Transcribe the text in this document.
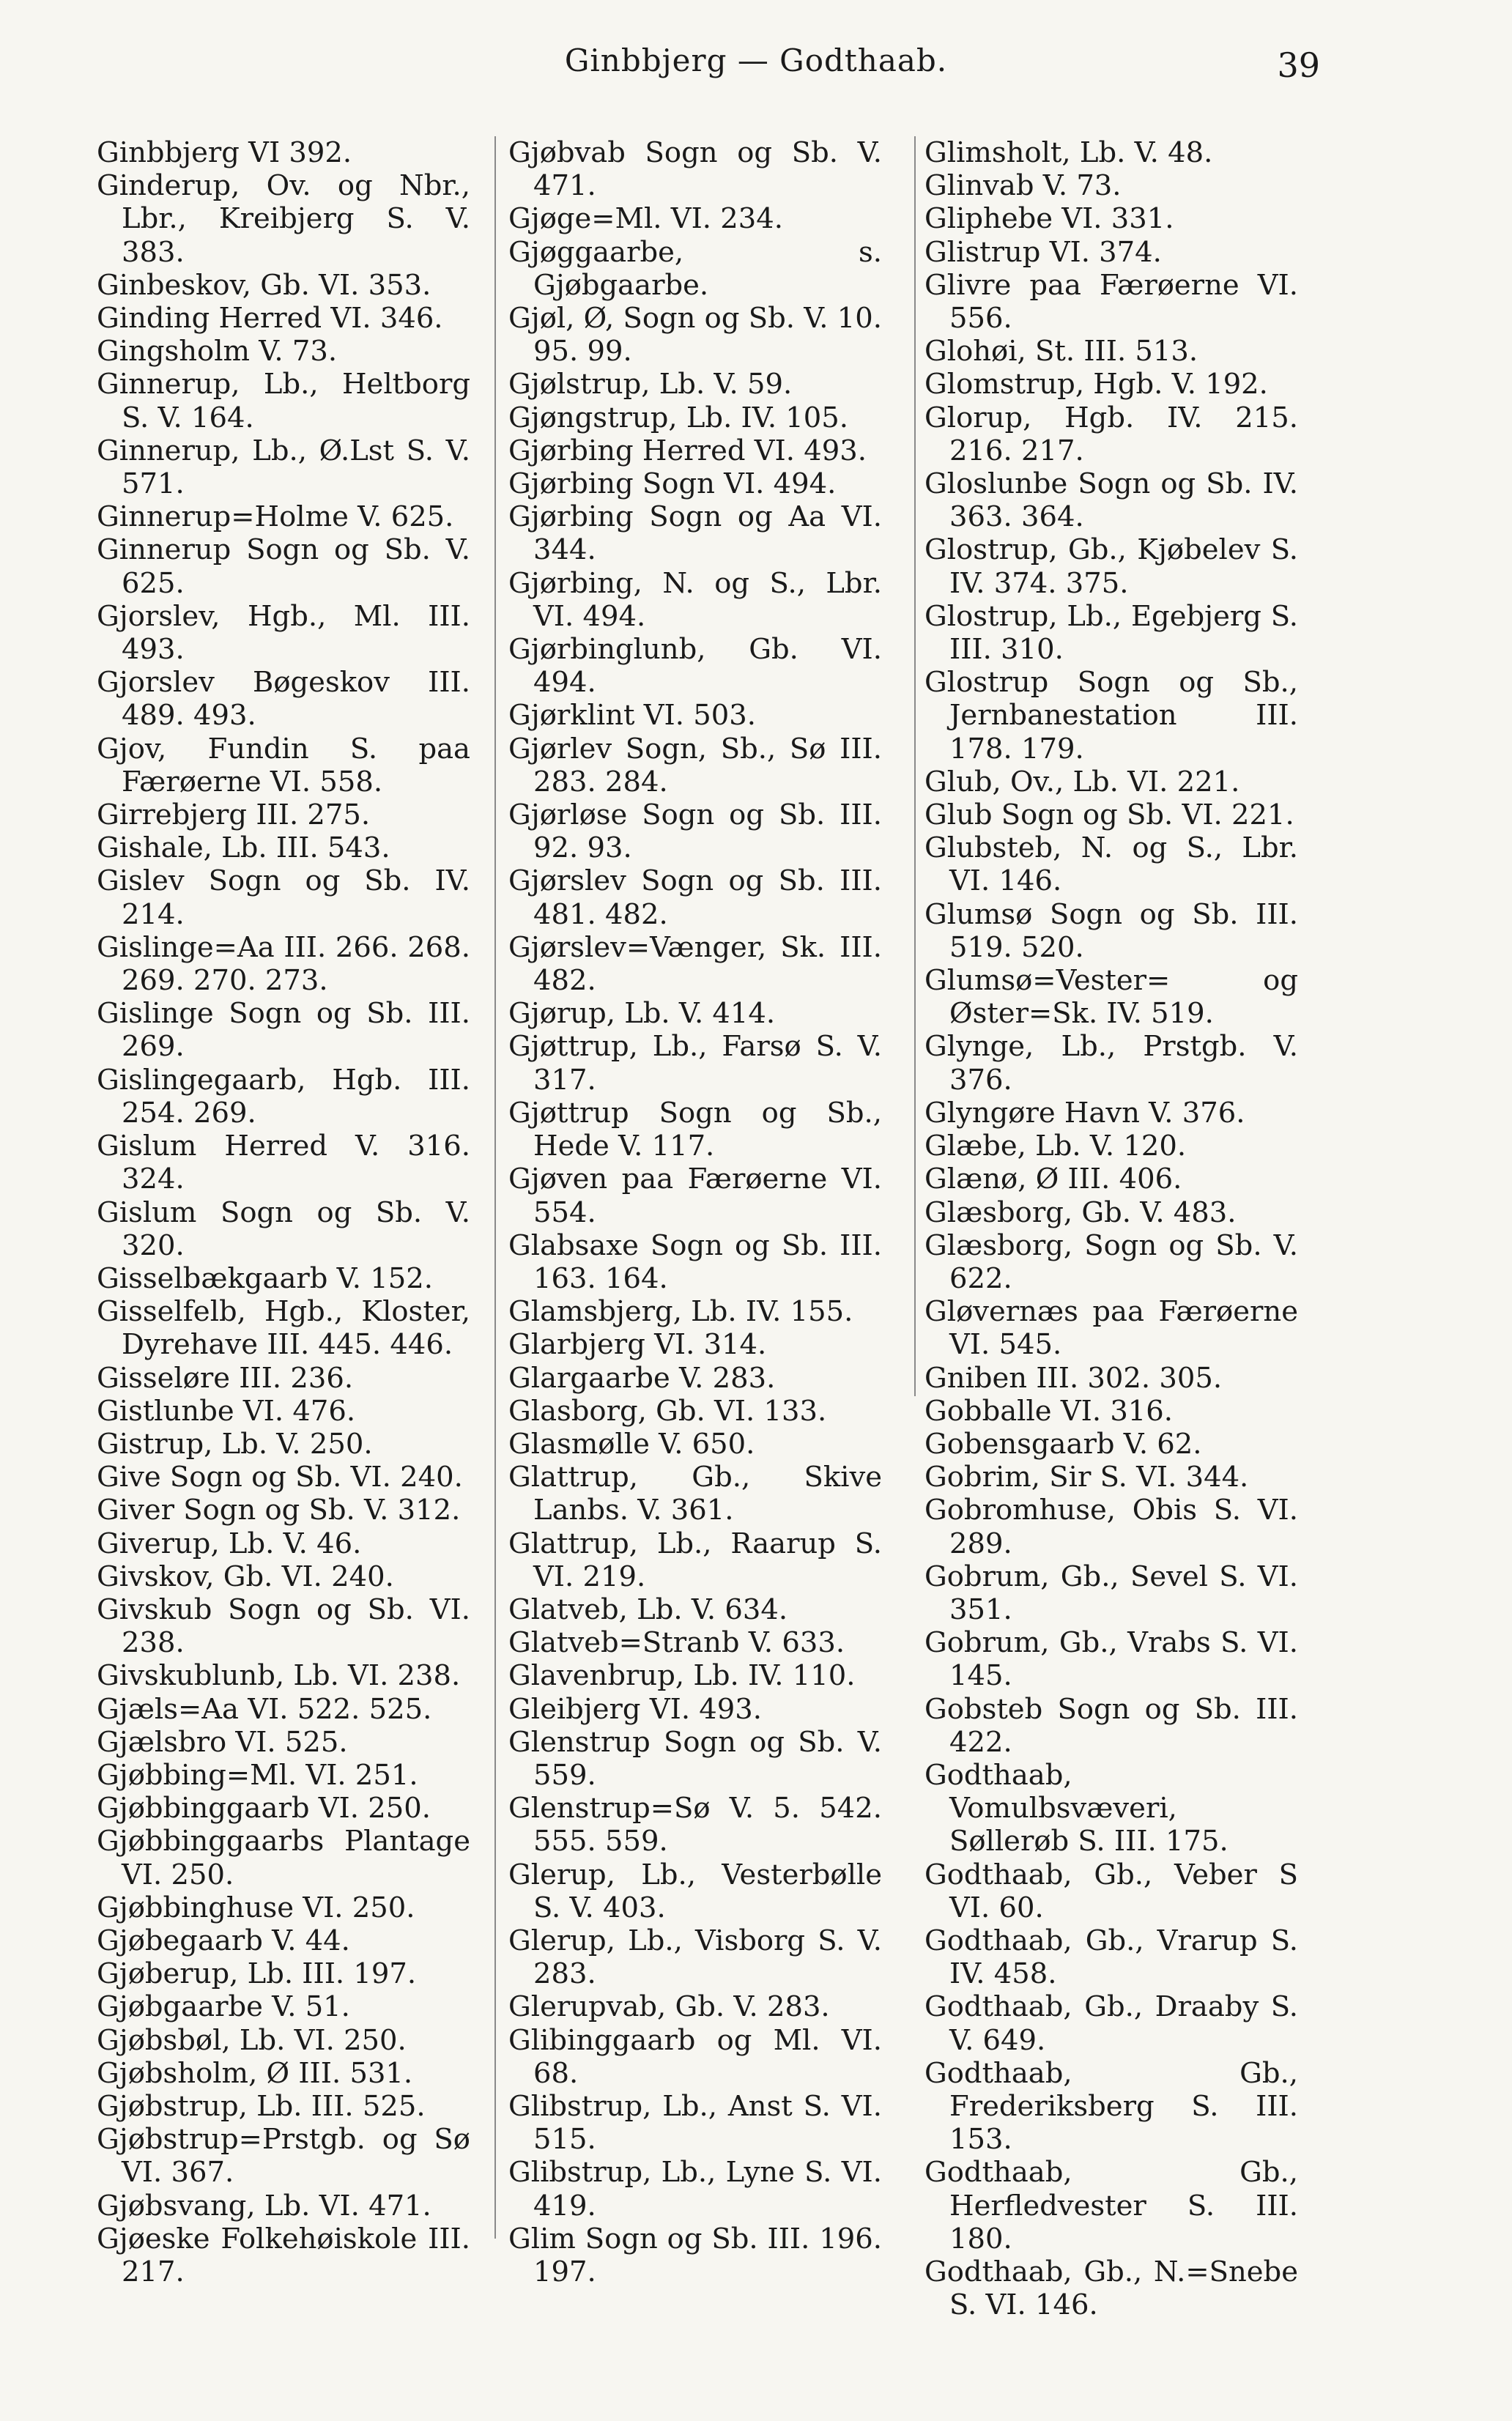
Ginbbjerg — Godthaab.	39
Ginbbjerg VI 392.
Ginderup, Ov. og Nbr., Lbr., Kreibjerg S. V. 383.
Ginbeskov, Gb. VI. 353.
Ginding Herred VI. 346.
Gingsholm V. 73.
Ginnerup, Lb., Heltborg S. V. 164.
Ginnerup, Lb., Ø.Lst S. V. 571.
Ginnerup=Holme V. 625.
Ginnerup Sogn og Sb. V. 625.
Gjorslev, Hgb., Ml. III. 493.
Gjorslev Bøgeskov III. 489. 493.
Gjov, Fundin S. paa Færøerne VI. 558.
Girrebjerg III. 275.
Gishale, Lb. III. 543.
Gislev Sogn og Sb. IV. 214.
Gislinge=Aa III. 266. 268. 269. 270. 273.
Gislinge Sogn og Sb. III. 269.
Gislingegaarb, Hgb. III. 254. 269.
Gislum Herred V. 316. 324.
Gislum Sogn og Sb. V. 320.
Gisselbækgaarb V. 152.
Gisselfelb, Hgb., Kloster, Dyrehave III. 445. 446.
Gisseløre III. 236.
Gistlunbe VI. 476.
Gistrup, Lb. V. 250.
Give Sogn og Sb. VI. 240.
Giver Sogn og Sb. V. 312.
Giverup, Lb. V. 46.
Givskov, Gb. VI. 240.
Givskub Sogn og Sb. VI. 238.
Givskublunb, Lb. VI. 238.
Gjæls=Aa VI. 522. 525.
Gjælsbro VI. 525.
Gjøbbing=Ml. VI. 251.
Gjøbbinggaarb VI. 250.
Gjøbbinggaarbs Plantage VI. 250.
Gjøbbinghuse VI. 250.
Gjøbegaarb V. 44.
Gjøberup, Lb. III. 197.
Gjøbgaarbe V. 51.
Gjøbsbøl, Lb. VI. 250.
Gjøbsholm, Ø III. 531.
Gjøbstrup, Lb. III. 525.
Gjøbstrup=Prstgb. og Sø VI. 367.
Gjøbsvang, Lb. VI. 471.
Gjøeske Folkehøiskole III. 217.
Gjøbvab Sogn og Sb. V. 471.
Gjøge=Ml. VI. 234.
Gjøggaarbe, s. Gjøbgaarbe.
Gjøl, Ø, Sogn og Sb. V. 10. 95. 99.
Gjølstrup, Lb. V. 59.
Gjøngstrup, Lb. IV. 105.
Gjørbing Herred VI. 493.
Gjørbing Sogn VI. 494.
Gjørbing Sogn og Aa VI. 344.
Gjørbing, N. og S., Lbr. VI. 494.
Gjørbinglunb, Gb. VI. 494.
Gjørklint VI. 503.
Gjørlev Sogn, Sb., Sø III. 283. 284.
Gjørløse Sogn og Sb. III. 92. 93.
Gjørslev Sogn og Sb. III. 481. 482.
Gjørslev=Vænger, Sk. III. 482.
Gjørup, Lb. V. 414.
Gjøttrup, Lb., Farsø S. V. 317.
Gjøttrup Sogn og Sb., Hede V. 117.
Gjøven paa Færøerne VI. 554.
Glabsaxe Sogn og Sb. III. 163. 164.
Glamsbjerg, Lb. IV. 155.
Glarbjerg VI. 314.
Glargaarbe V. 283.
Glasborg, Gb. VI. 133.
Glasmølle V. 650.
Glattrup, Gb., Skive Lanbs. V. 361.
Glattrup, Lb., Raarup S. VI. 219.
Glatveb, Lb. V. 634.
Glatveb=Stranb V. 633.
Glavenbrup, Lb. IV. 110.
Gleibjerg VI. 493.
Glenstrup Sogn og Sb. V. 559.
Glenstrup=Sø V. 5. 542. 555. 559.
Glerup, Lb., Vesterbølle S. V. 403.
Glerup, Lb., Visborg S. V. 283.
Glerupvab, Gb. V. 283.
Glibinggaarb og Ml. VI. 68.
Glibstrup, Lb., Anst S. VI. 515.
Glibstrup, Lb., Lyne S. VI. 419.
Glim Sogn og Sb. III. 196. 197.
Glimsholt, Lb. V. 48.
Glinvab V. 73.
Gliphebe VI. 331.
Glistrup VI. 374.
Glivre paa Færøerne VI. 556.
Glohøi, St. III. 513.
Glomstrup, Hgb. V. 192.
Glorup, Hgb. IV. 215. 216. 217.
Gloslunbe Sogn og Sb. IV. 363. 364.
Glostrup, Gb., Kjøbelev S. IV. 374. 375.
Glostrup, Lb., Egebjerg S. III. 310.
Glostrup Sogn og Sb., Jernbanestation III. 178. 179.
Glub, Ov., Lb. VI. 221.
Glub Sogn og Sb. VI. 221.
Glubsteb, N. og S., Lbr. VI. 146.
Glumsø Sogn og Sb. III. 519. 520.
Glumsø=Vester= og Øster=Sk. IV. 519.
Glynge, Lb., Prstgb. V. 376.
Glyngøre Havn V. 376.
Glæbe, Lb. V. 120.
Glænø, Ø III. 406.
Glæsborg, Gb. V. 483.
Glæsborg, Sogn og Sb. V. 622.
Gløvernæs paa Færøerne VI. 545.
Gniben III. 302. 305.
Gobballe VI. 316.
Gobensgaarb V. 62.
Gobrim, Sir S. VI. 344.
Gobromhuse, Obis S. VI. 289.
Gobrum, Gb., Sevel S. VI. 351.
Gobrum, Gb., Vrabs S. VI. 145.
Gobsteb Sogn og Sb. III. 422.
Godthaab, Vomulbsvæveri, Søllerøb S. III. 175.
Godthaab, Gb., Veber S VI. 60.
Godthaab, Gb., Vrarup S. IV. 458.
Godthaab, Gb., Draaby S. V. 649.
Godthaab, Gb., Frederiksberg S. III. 153.
Godthaab, Gb., Herfledvester S. III. 180.
Godthaab, Gb., N.=Snebe S. VI. 146.
